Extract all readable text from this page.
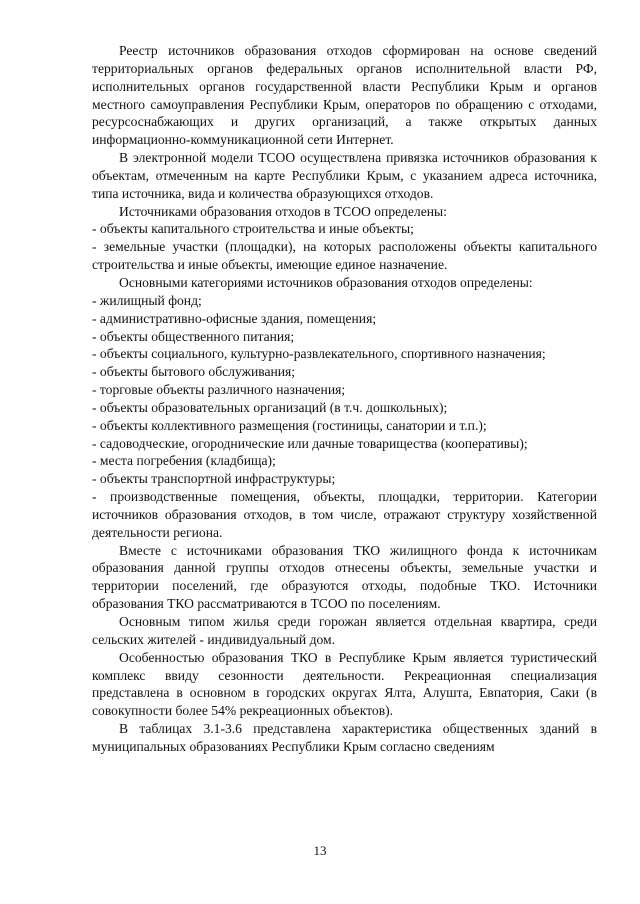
Реестр источников образования отходов сформирован на основе сведений территориальных органов федеральных органов исполнительной власти РФ, исполнительных органов государственной власти Республики Крым и органов местного самоуправления Республики Крым, операторов по обращению с отходами, ресурсоснабжающих и других организаций, а также открытых данных информационно-коммуникационной сети Интернет.

В электронной модели ТСОО осуществлена привязка источников образования к объектам, отмеченным на карте Республики Крым, с указанием адреса источника, типа источника, вида и количества образующихся отходов.

Источниками образования отходов в ТСОО определены:

- объекты капитального строительства и иные объекты;

- земельные участки (площадки), на которых расположены объекты капитального строительства и иные объекты, имеющие единое назначение.

Основными категориями источников образования отходов определены:

- жилищный фонд;

- административно-офисные здания, помещения;

- объекты общественного питания;

- объекты социального, культурно-развлекательного, спортивного назначения;

- объекты бытового обслуживания;

- торговые объекты различного назначения;

- объекты образовательных организаций (в т.ч. дошкольных);

- объекты коллективного размещения (гостиницы, санатории и т.п.);

- садоводческие, огороднические или дачные товарищества (кооперативы);

- места погребения (кладбища);

- объекты транспортной инфраструктуры;

- производственные помещения, объекты, площадки, территории. Категории источников образования отходов, в том числе, отражают структуру хозяйственной деятельности региона.

Вместе с источниками образования ТКО жилищного фонда к источникам образования данной группы отходов отнесены объекты, земельные участки и территории поселений, где образуются отходы, подобные ТКО. Источники образования ТКО рассматриваются в ТСОО по поселениям.

Основным типом жилья среди горожан является отдельная квартира, среди сельских жителей - индивидуальный дом.

Особенностью образования ТКО в Республике Крым является туристический комплекс ввиду сезонности деятельности. Рекреационная специализация представлена в основном в городских округах Ялта, Алушта, Евпатория, Саки (в совокупности более 54% рекреационных объектов).

В таблицах 3.1-3.6 представлена характеристика общественных зданий в муниципальных образованиях Республики Крым согласно сведениям

13
